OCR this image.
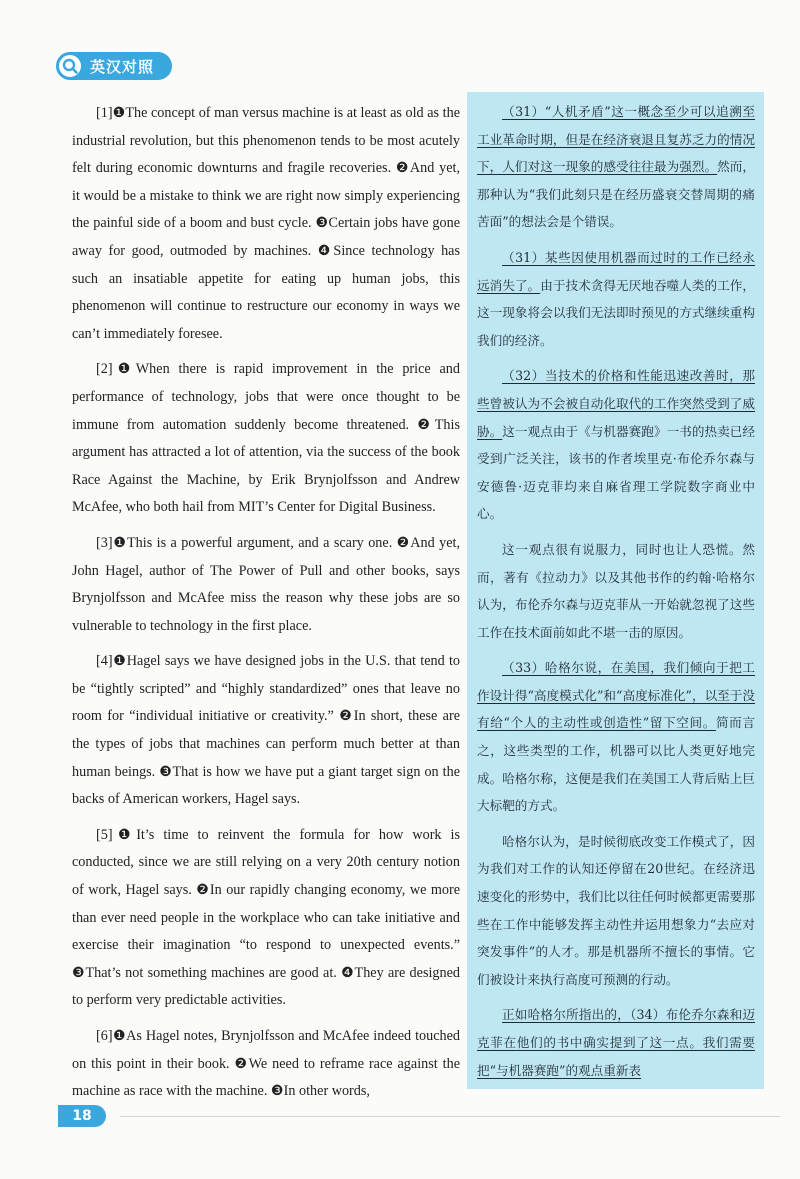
英汉对照

[1]❶The concept of man versus machine is at least as old as the industrial revolution, but this phenomenon tends to be most acutely felt during economic downturns and fragile recoveries. ❷And yet, it would be a mistake to think we are right now simply experiencing the painful side of a boom and bust cycle. ❸Certain jobs have gone away for good, outmoded by machines. ❹Since technology has such an insatiable appetite for eating up human jobs, this phenomenon will continue to restructure our economy in ways we can’t immediately foresee.

[2]❶When there is rapid improvement in the price and performance of technology, jobs that were once thought to be immune from automation suddenly become threatened. ❷This argument has attracted a lot of attention, via the success of the book Race Against the Machine, by Erik Brynjolfsson and Andrew McAfee, who both hail from MIT’s Center for Digital Business.

[3]❶This is a powerful argument, and a scary one. ❷And yet, John Hagel, author of The Power of Pull and other books, says Brynjolfsson and McAfee miss the reason why these jobs are so vulnerable to technology in the first place.

[4]❶Hagel says we have designed jobs in the U.S. that tend to be “tightly scripted” and “highly standardized” ones that leave no room for “individual initiative or creativity.” ❷In short, these are the types of jobs that machines can perform much better at than human beings. ❸That is how we have put a giant target sign on the backs of American workers, Hagel says.

[5]❶It’s time to reinvent the formula for how work is conducted, since we are still relying on a very 20th century notion of work, Hagel says. ❷In our rapidly changing economy, we more than ever need people in the workplace who can take initiative and exercise their imagination “to respond to unexpected events.” ❸That’s not something machines are good at. ❹They are designed to perform very predictable activities.

[6]❶As Hagel notes, Brynjolfsson and McAfee indeed touched on this point in their book. ❷We need to reframe race against the machine as race with the machine. ❸In other words,

（31）“人机矛盾”这一概念至少可以追溯至工业革命时期，但是在经济衰退且复苏乏力的情况下，人们对这一现象的感受往往最为强烈。然而，那种认为“我们此刻只是在经历盛衰交替周期的痛苦面”的想法会是个错误。

（31）某些因使用机器而过时的工作已经永远消失了。由于技术贪得无厌地吞噬人类的工作，这一现象将会以我们无法即时预见的方式继续重构我们的经济。

（32）当技术的价格和性能迅速改善时，那些曾被认为不会被自动化取代的工作突然受到了威胁。这一观点由于《与机器赛跑》一书的热卖已经受到广泛关注，该书的作者埃里克·布伦乔尔森与安德鲁·迈克菲均来自麻省理工学院数字商业中心。

这一观点很有说服力，同时也让人恐慌。然而，著有《拉动力》以及其他书作的约翰·哈格尔认为，布伦乔尔森与迈克菲从一开始就忽视了这些工作在技术面前如此不堪一击的原因。

（33）哈格尔说，在美国，我们倾向于把工作设计得“高度模式化”和“高度标准化”，以至于没有给“个人的主动性或创造性”留下空间。简而言之，这些类型的工作，机器可以比人类更好地完成。哈格尔称，这便是我们在美国工人背后贴上巨大标靶的方式。

哈格尔认为，是时候彻底改变工作模式了，因为我们对工作的认知还停留在20世纪。在经济迅速变化的形势中，我们比以往任何时候都更需要那些在工作中能够发挥主动性并运用想象力“去应对突发事件”的人才。那是机器所不擅长的事情。它们被设计来执行高度可预测的行动。

正如哈格尔所指出的，（34）布伦乔尔森和迈克菲在他们的书中确实提到了这一点。我们需要把“与机器赛跑”的观点重新表

18
